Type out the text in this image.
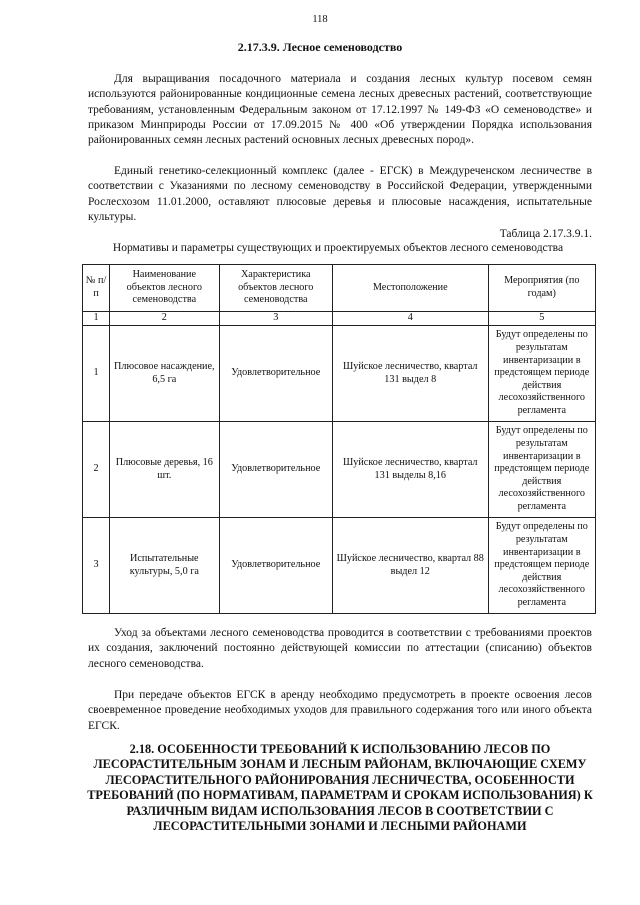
118
2.17.3.9. Лесное семеноводство

Для выращивания посадочного материала и создания лесных культур посевом семян используются районированные кондиционные семена лесных древесных растений, соответствующие требованиям, установленным Федеральным законом от 17.12.1997 № 149-ФЗ «О семеноводстве» и приказом Минприроды России от 17.09.2015 № 400 «Об утверждении Порядка использования районированных семян лесных растений основных лесных древесных пород».

Единый генетико-селекционный комплекс (далее - ЕГСК) в Междуреченском лесничестве в соответствии с Указаниями по лесному семеноводству в Российской Федерации, утвержденными Рослесхозом 11.01.2000, оставляют плюсовые деревья и плюсовые насаждения, испытательные культуры.

Таблица 2.17.3.9.1.
Нормативы и параметры существующих и проектируемых объектов лесного семеноводства
№ п/п	Наименование объектов лесного семеноводства	Характеристика объектов лесного семеноводства	Местоположение	Мероприятия (по годам)
1	2	3	4	5
1	Плюсовое насаждение, 6,5 га	Удовлетворительное	Шуйское лесничество, квартал 131 выдел 8	Будут определены по результатам инвентаризации в предстоящем периоде действия лесохозяйственного регламента
2	Плюсовые деревья, 16 шт.	Удовлетворительное	Шуйское лесничество, квартал 131 выделы 8,16	Будут определены по результатам инвентаризации в предстоящем периоде действия лесохозяйственного регламента
3	Испытательные культуры, 5,0 га	Удовлетворительное	Шуйское лесничество, квартал 88 выдел 12	Будут определены по результатам инвентаризации в предстоящем периоде действия лесохозяйственного регламента

Уход за объектами лесного семеноводства проводится в соответствии с требованиями проектов их создания, заключений постоянно действующей комиссии по аттестации (списанию) объектов лесного семеноводства.

При передаче объектов ЕГСК в аренду необходимо предусмотреть в проекте освоения лесов своевременное проведение необходимых уходов для правильного содержания того или иного объекта ЕГСК.

2.18. ОСОБЕННОСТИ ТРЕБОВАНИЙ К ИСПОЛЬЗОВАНИЮ ЛЕСОВ ПО ЛЕСОРАСТИТЕЛЬНЫМ ЗОНАМ И ЛЕСНЫМ РАЙОНАМ, ВКЛЮЧАЮЩИЕ СХЕМУ ЛЕСОРАСТИТЕЛЬНОГО РАЙОНИРОВАНИЯ ЛЕСНИЧЕСТВА, ОСОБЕННОСТИ ТРЕБОВАНИЙ (ПО НОРМАТИВАМ, ПАРАМЕТРАМ И СРОКАМ ИСПОЛЬЗОВАНИЯ) К РАЗЛИЧНЫМ ВИДАМ ИСПОЛЬЗОВАНИЯ ЛЕСОВ В СООТВЕТСТВИИ С ЛЕСОРАСТИТЕЛЬНЫМИ ЗОНАМИ И ЛЕСНЫМИ РАЙОНАМИ
